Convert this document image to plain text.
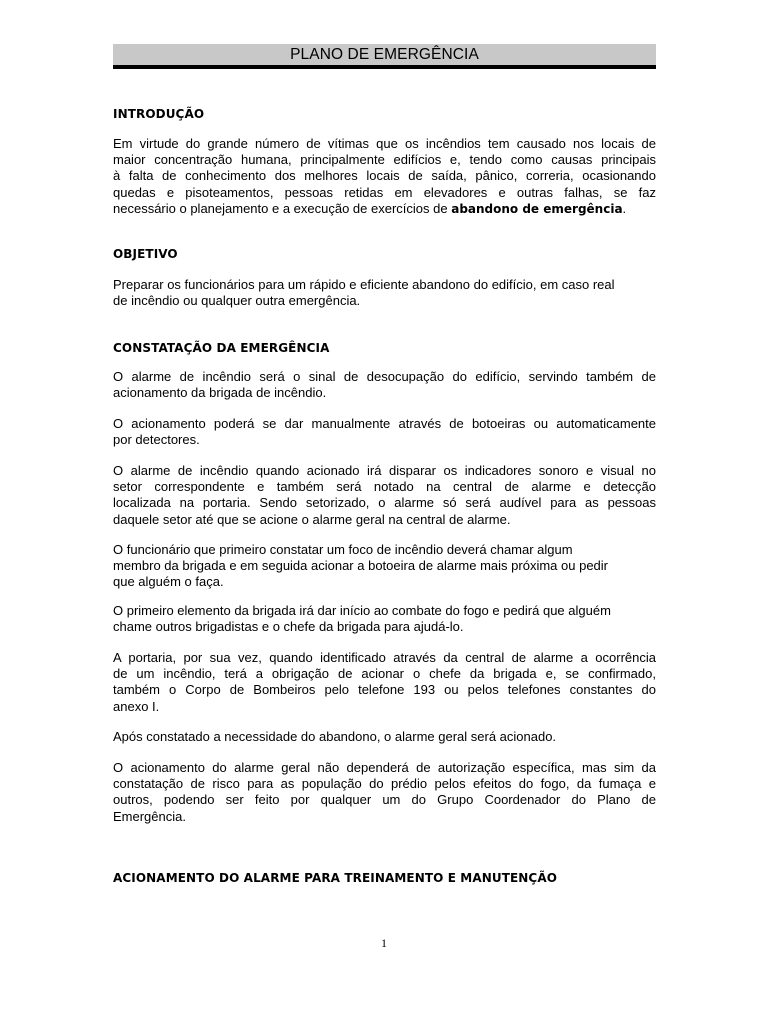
PLANO DE EMERGÊNCIA
INTRODUÇÃO
Em virtude do grande número de vítimas que os incêndios tem causado nos locais de
maior concentração humana, principalmente edifícios e, tendo como causas principais
à falta de conhecimento dos melhores locais de saída, pânico, correria, ocasionando
quedas e pisoteamentos, pessoas retidas em elevadores e outras falhas, se faz
necessário o planejamento e a execução de exercícios de abandono de emergência.
OBJETIVO
Preparar os funcionários para um rápido e eficiente abandono do edifício, em caso real
de incêndio ou qualquer outra emergência.
CONSTATAÇÃO DA EMERGÊNCIA
O alarme de incêndio será o sinal de desocupação do edifício, servindo também de
acionamento da brigada de incêndio.
O acionamento poderá se dar manualmente através de botoeiras ou automaticamente
por detectores.
O alarme de incêndio quando acionado irá disparar os indicadores sonoro e visual no
setor correspondente e também será notado na central de alarme e detecção
localizada na portaria. Sendo setorizado, o alarme só será audível para as pessoas
daquele setor até que se acione o alarme geral na central de alarme.
O funcionário que primeiro constatar um foco de incêndio deverá chamar algum
membro da brigada e em seguida acionar a botoeira de alarme mais próxima ou pedir
que alguém o faça.
O primeiro elemento da brigada irá dar início ao combate do fogo e pedirá que alguém
chame outros brigadistas e o chefe da brigada para ajudá-lo.
A portaria, por sua vez, quando identificado através da central de alarme a ocorrência
de um incêndio, terá a obrigação de acionar o chefe da brigada e, se confirmado,
também o Corpo de Bombeiros pelo telefone 193 ou pelos telefones constantes do
anexo I.
Após constatado a necessidade do abandono, o alarme geral será acionado.
O acionamento do alarme geral não dependerá de autorização específica, mas sim da
constatação de risco para as população do prédio pelos efeitos do fogo, da fumaça e
outros, podendo ser feito por qualquer um do Grupo Coordenador do Plano de
Emergência.
ACIONAMENTO DO ALARME PARA TREINAMENTO E MANUTENÇÃO
1
